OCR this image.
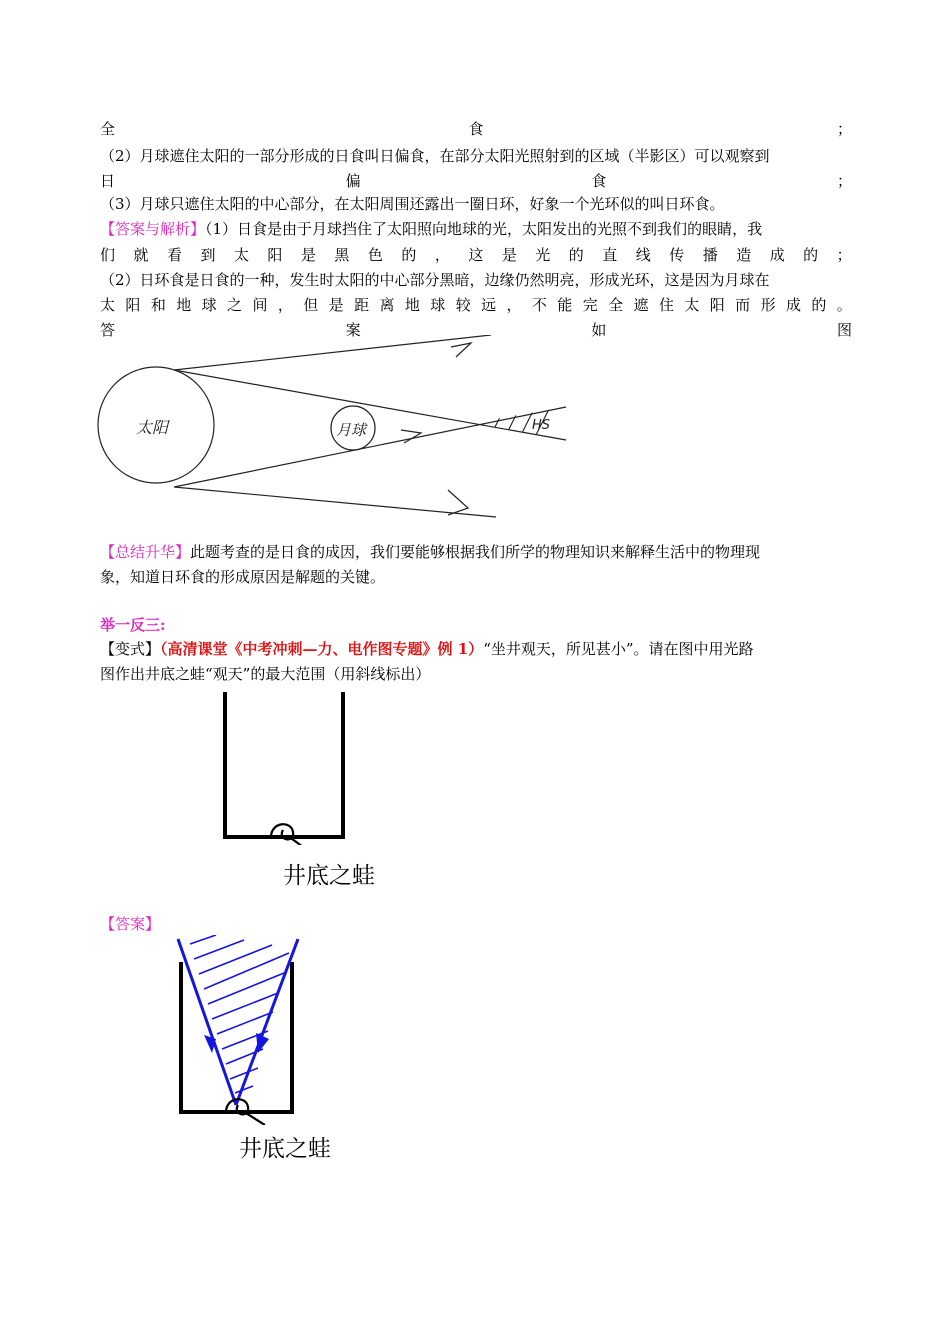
全	食	；
（2）月球遮住太阳的一部分形成的日食叫日偏食，在部分太阳光照射到的区域（半影区）可以观察到
日	偏	食	；
（3）月球只遮住太阳的中心部分，在太阳周围还露出一圈日环，好象一个光环似的叫日环食。
【答案与解析】（1）日食是由于月球挡住了太阳照向地球的光，太阳发出的光照不到我们的眼睛，我
们 就 看 到 太 阳 是 黑 色 的 ， 这 是 光 的 直 线 传 播 造 成 的 ；
（2）日环食是日食的一种，发生时太阳的中心部分黑暗，边缘仍然明亮，形成光环，这是因为月球在
太 阳 和 地 球 之 间 ， 但 是 距 离 地 球 较 远 ， 不 能 完 全 遮 住 太 阳 而 形 成 的 。
答	案	如	图
太阳	月球	HS
【总结升华】此题考查的是日食的成因，我们要能够根据我们所学的物理知识来解释生活中的物理现
象，知道日环食的形成原因是解题的关键。
举一反三:
【变式】（高清课堂《中考冲刺—力、电作图专题》例 1）“坐井观天，所见甚小”。请在图中用光路
图作出井底之蛙“观天”的最大范围（用斜线标出）
井底之蛙
【答案】
井底之蛙
